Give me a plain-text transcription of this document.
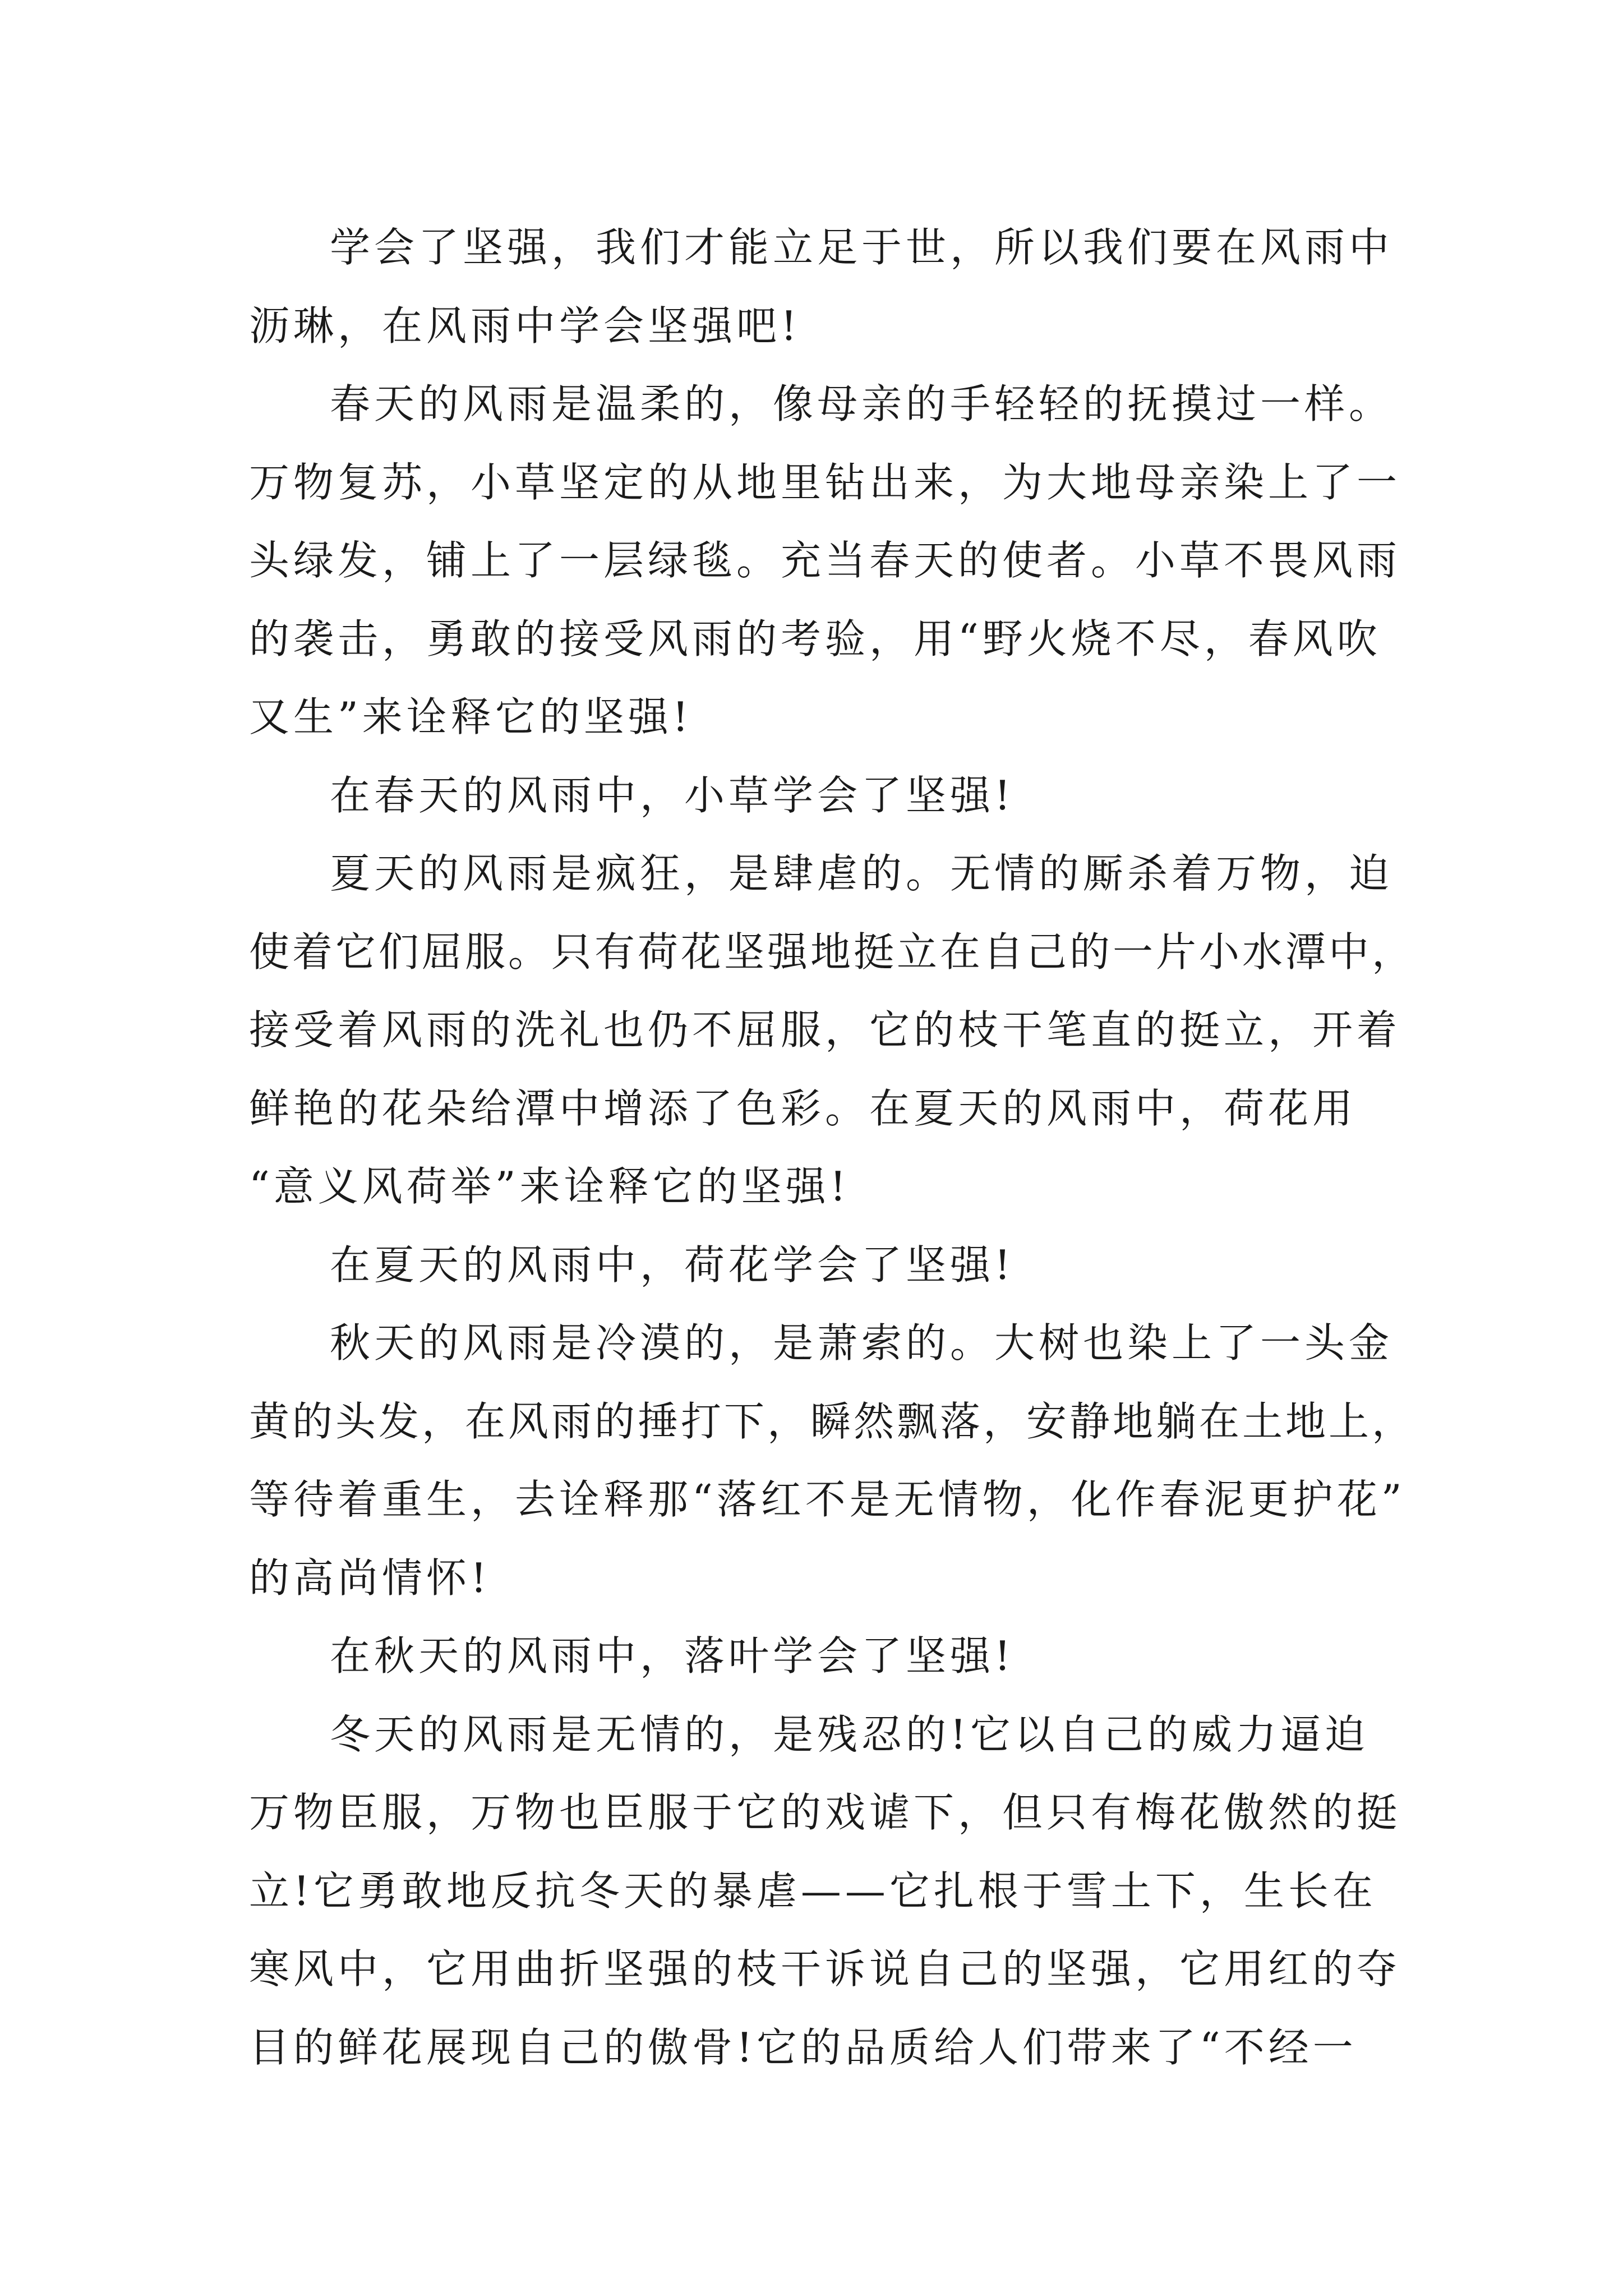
学会了坚强，我们才能立足于世，所以我们要在风雨中
沥琳，在风雨中学会坚强吧!
春天的风雨是温柔的，像母亲的手轻轻的抚摸过一样。
万物复苏，小草坚定的从地里钻出来，为大地母亲染上了一
头绿发，铺上了一层绿毯。充当春天的使者。小草不畏风雨
的袭击，勇敢的接受风雨的考验，用“野火烧不尽，春风吹
又生”来诠释它的坚强!
在春天的风雨中，小草学会了坚强!
夏天的风雨是疯狂，是肆虐的。无情的厮杀着万物，迫
使着它们屈服。只有荷花坚强地挺立在自己的一片小水潭中，
接受着风雨的洗礼也仍不屈服，它的枝干笔直的挺立，开着
鲜艳的花朵给潭中增添了色彩。在夏天的风雨中，荷花用
“意义风荷举”来诠释它的坚强!
在夏天的风雨中，荷花学会了坚强!
秋天的风雨是冷漠的，是萧索的。大树也染上了一头金
黄的头发，在风雨的捶打下，瞬然飘落，安静地躺在土地上，
等待着重生，去诠释那“落红不是无情物，化作春泥更护花”
的高尚情怀!
在秋天的风雨中，落叶学会了坚强!
冬天的风雨是无情的，是残忍的!它以自己的威力逼迫
万物臣服，万物也臣服于它的戏谑下，但只有梅花傲然的挺
立!它勇敢地反抗冬天的暴虐——它扎根于雪土下，生长在
寒风中，它用曲折坚强的枝干诉说自己的坚强，它用红的夺
目的鲜花展现自己的傲骨!它的品质给人们带来了“不经一
